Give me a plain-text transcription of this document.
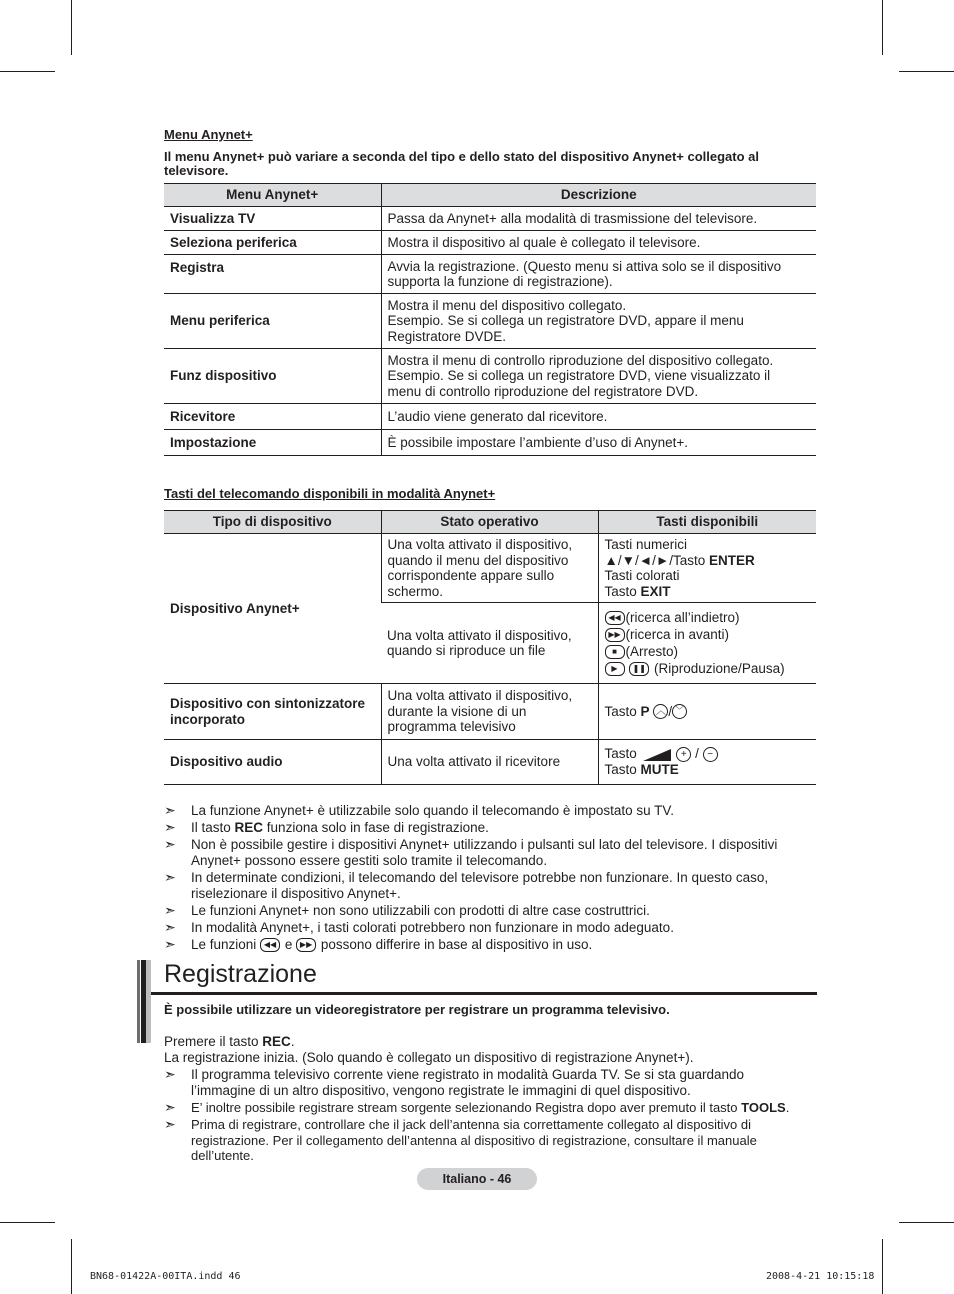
Menu Anynet+
Il menu Anynet+ può variare a seconda del tipo e dello stato del dispositivo Anynet+ collegato al televisore.
Menu Anynet+	Descrizione
Visualizza TV	Passa da Anynet+ alla modalità di trasmissione del televisore.

Seleziona periferica	Mostra il dispositivo al quale è collegato il televisore.

Registra	Avvia la registrazione. (Questo menu si attiva solo se il dispositivo
supporta la funzione di registrazione).

Menu periferica	Mostra il menu del dispositivo collegato.
Esempio. Se si collega un registratore DVD, appare il menu
Registratore DVDE.

Funz dispositivo	Mostra il menu di controllo riproduzione del dispositivo collegato.
Esempio. Se si collega un registratore DVD, viene visualizzato il
menu di controllo riproduzione del registratore DVD.

Ricevitore	L’audio viene generato dal ricevitore.

Impostazione	È possibile impostare l’ambiente d’uso di Anynet+.
Tasti del telecomando disponibili in modalità Anynet+
Tipo di dispositivo	Stato operativo	Tasti disponibili
Dispositivo Anynet+	Una volta attivato il dispositivo,
quando il menu del dispositivo
corrispondente appare sullo
schermo.	Tasti numerici
▲/▼/◄/►/Tasto ENTER
Tasti colorati
Tasto EXIT

	Una volta attivato il dispositivo,
quando si riproduce un file	◀◀ (ricerca all’indietro)
▶▶ (ricerca in avanti)
■ (Arresto)
▶ ❚❚ (Riproduzione/Pausa)

Dispositivo con sintonizzatore
incorporato	Una volta attivato il dispositivo,
durante la visione di un
programma televisivo	Tasto P ︿ / ﹀
Dispositivo audio	Una volta attivato il ricevitore	Tasto + / −
Tasto MUTE
➣	La funzione Anynet+ è utilizzabile solo quando il telecomando è impostato su TV.
➣	Il tasto REC funziona solo in fase di registrazione.
➣	Non è possibile gestire i dispositivi Anynet+ utilizzando i pulsanti sul lato del televisore. I dispositivi
Anynet+ possono essere gestiti solo tramite il telecomando.
➣	In determinate condizioni, il telecomando del televisore potrebbe non funzionare. In questo caso,
riselezionare il dispositivo Anynet+.
➣	Le funzioni Anynet+ non sono utilizzabili con prodotti di altre case costruttrici.
➣	In modalità Anynet+, i tasti colorati potrebbero non funzionare in modo adeguato.
➣	Le funzioni ◀◀ e ▶▶ possono differire in base al dispositivo in uso.
Registrazione
È possibile utilizzare un videoregistratore per registrare un programma televisivo.
Premere il tasto REC.
La registrazione inizia. (Solo quando è collegato un dispositivo di registrazione Anynet+).
➣	Il programma televisivo corrente viene registrato in modalità Guarda TV. Se si sta guardando
l’immagine di un altro dispositivo, vengono registrate le immagini di quel dispositivo.
➣	E’ inoltre possibile registrare stream sorgente selezionando Registra dopo aver premuto il tasto TOOLS.
➣	Prima di registrare, controllare che il jack dell’antenna sia correttamente collegato al dispositivo di
registrazione. Per il collegamento dell’antenna al dispositivo di registrazione, consultare il manuale
dell’utente.
Italiano - 46
BN68-01422A-00ITA.indd 46	2008-4-21 10:15:18
